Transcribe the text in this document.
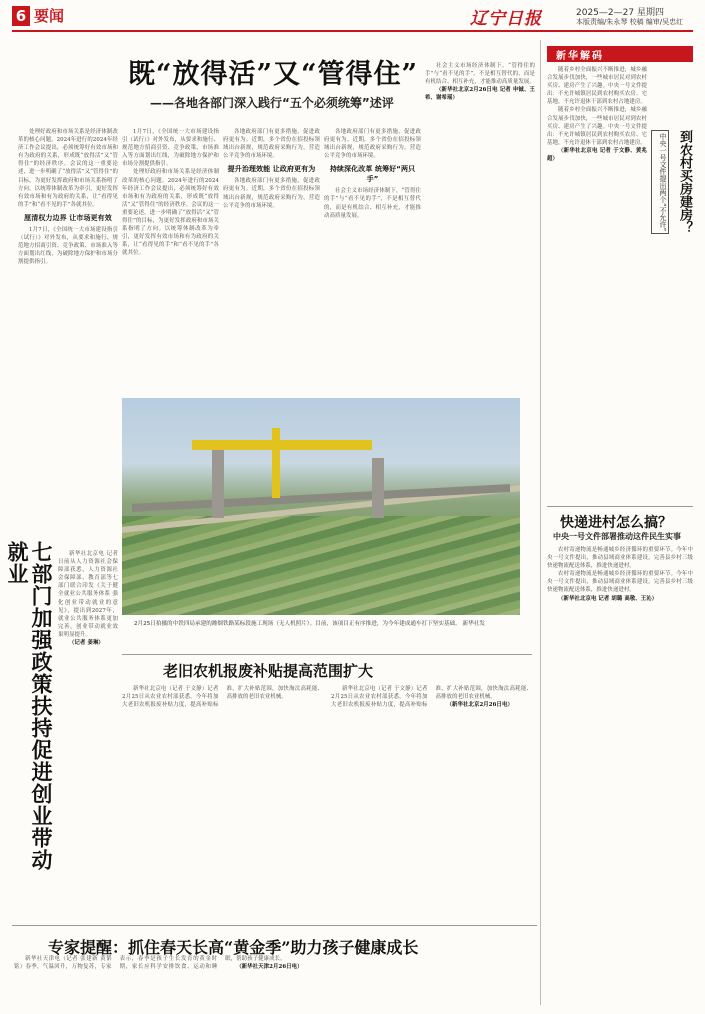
6 要闻	辽宁日报	2025—2—27 星期四
本版责编/朱永琴 校稿 编审/吴忠红
既“放得活”又“管得住”
——各地各部门深入践行“五个必须统筹”述评

处理好政府和市场关系是经济体制改革的核心问题。2024年进行的2024年经济工作会议提出，必须统筹好有效市场和有为政府的关系，形成既“放得活”又“管得住”的经济秩序。会议的这一重要论述，进一步明确了“放得活”又“管得住”的目标，为更好发挥政府和市场关系指明了方向。以统筹体制改革为牵引，更好发挥有效市场和有为政府的关系，让“看得见的手”和“看不见的手”各就其位。

厘清权力边界 让市场更有效

1月7日，《全国统一大市场建设指引（试行）》对外发布，从要求和施行、规范地方招商引资、竞争政策、市场准入等方面划出红线，为破除地方保护和市场分割提供指引。

1月7日，《全国统一大市场建设指引（试行）》对外发布，从要求和施行、规范地方招商引资、竞争政策、市场准入等方面划出红线，为破除地方保护和市场分割提供指引。

处理好政府和市场关系是经济体制改革的核心问题。2024年进行的2024年经济工作会议提出，必须统筹好有效市场和有为政府的关系，形成既“放得活”又“管得住”的经济秩序。会议的这一重要论述，进一步明确了“放得活”又“管得住”的目标，为更好发挥政府和市场关系指明了方向。以统筹体制改革为牵引，更好发挥有效市场和有为政府的关系，让“看得见的手”和“看不见的手”各就其位。

各地政府部门有更多措施，促进政府更有为。近期，多个省份在招投标领域出台新规，规范政府采购行为，营造公平竞争的市场环境。

提升治理效能 让政府更有为

各地政府部门有更多措施，促进政府更有为。近期，多个省份在招投标领域出台新规，规范政府采购行为，营造公平竞争的市场环境。

各地政府部门有更多措施，促进政府更有为。近期，多个省份在招投标领域出台新规，规范政府采购行为，营造公平竞争的市场环境。

持续深化改革 统筹好“两只手”

社会主义市场经济体制下，“管得住的手”与“看不见的手”，不是相互替代的，而是有机结合、相互补充，才能推动高质量发展。

社会主义市场经济体制下，“管得住的手”与“看不见的手”，不是相互替代的，而是有机结合、相互补充，才能推动高质量发展。

（新华社北京2月26日电 记者 申铖、王希、谢希瑶）

七部门加强政策扶持促进创业带动就业	新华社北京电 记者 日前从人力资源社会保障部获悉，人力资源社会保障部、教育部等七部门联合印发《关于健全就业公共服务体系 强化创业带动就业的意见》，提出到2027年，就业公共服务体系更加完善，创业带动就业效果明显提升。

（记者 姜琳）

2月25日拍摄的中铁四局承建的潍烟铁路某标段施工现场（无人机照片）。目前，该项目正有序推进，为今年建成通车打下坚实基础。 新华社发
老旧农机报废补贴提高范围扩大

新华社北京电（记者 于文静）记者2月25日从农业农村部获悉，今年将加大老旧农机报废补贴力度，提高补贴标准，扩大补贴范围，加快淘汰高耗能、高排放的老旧农业机械。

新华社北京电（记者 于文静）记者2月25日从农业农村部获悉，今年将加大老旧农机报废补贴力度，提高补贴标准，扩大补贴范围，加快淘汰高耗能、高排放的老旧农业机械。

（新华社北京2月26日电）

专家提醒：抓住春天长高“黄金季”助力孩子健康成长

新华社天津电（记者 张建新 黄韬铭）春季，气温回升，万物复苏，专家表示，春季是孩子生长发育的黄金时期，家长应科学安排饮食、运动和睡眠，帮助孩子健康成长。

（新华社天津2月26日电）

新华解码
到农村买房建房？
中央一号文件提出两个“不允许”

随着乡村全面振兴不断推进，城乡融合发展步伐加快，一些城市居民对到农村买房、建房产生了兴趣。中央一号文件提出：不允许城镇居民到农村购买农房、宅基地，不允许退休干部到农村占地建房。

随着乡村全面振兴不断推进，城乡融合发展步伐加快，一些城市居民对到农村买房、建房产生了兴趣。中央一号文件提出：不允许城镇居民到农村购买农房、宅基地，不允许退休干部到农村占地建房。

（新华社北京电 记者 于文静、黄兆超）

快递进村怎么搞？
中央一号文件部署推动这件民生实事

农村寄递物流是畅通城乡经济循环的重要环节。今年中央一号文件提出，推动县域商业体系建设，完善县乡村三级快递物流配送体系，推进快递进村。

农村寄递物流是畅通城乡经济循环的重要环节。今年中央一号文件提出，推动县域商业体系建设，完善县乡村三级快递物流配送体系，推进快递进村。

（新华社北京电 记者 胡璐 高敬、王沁）
